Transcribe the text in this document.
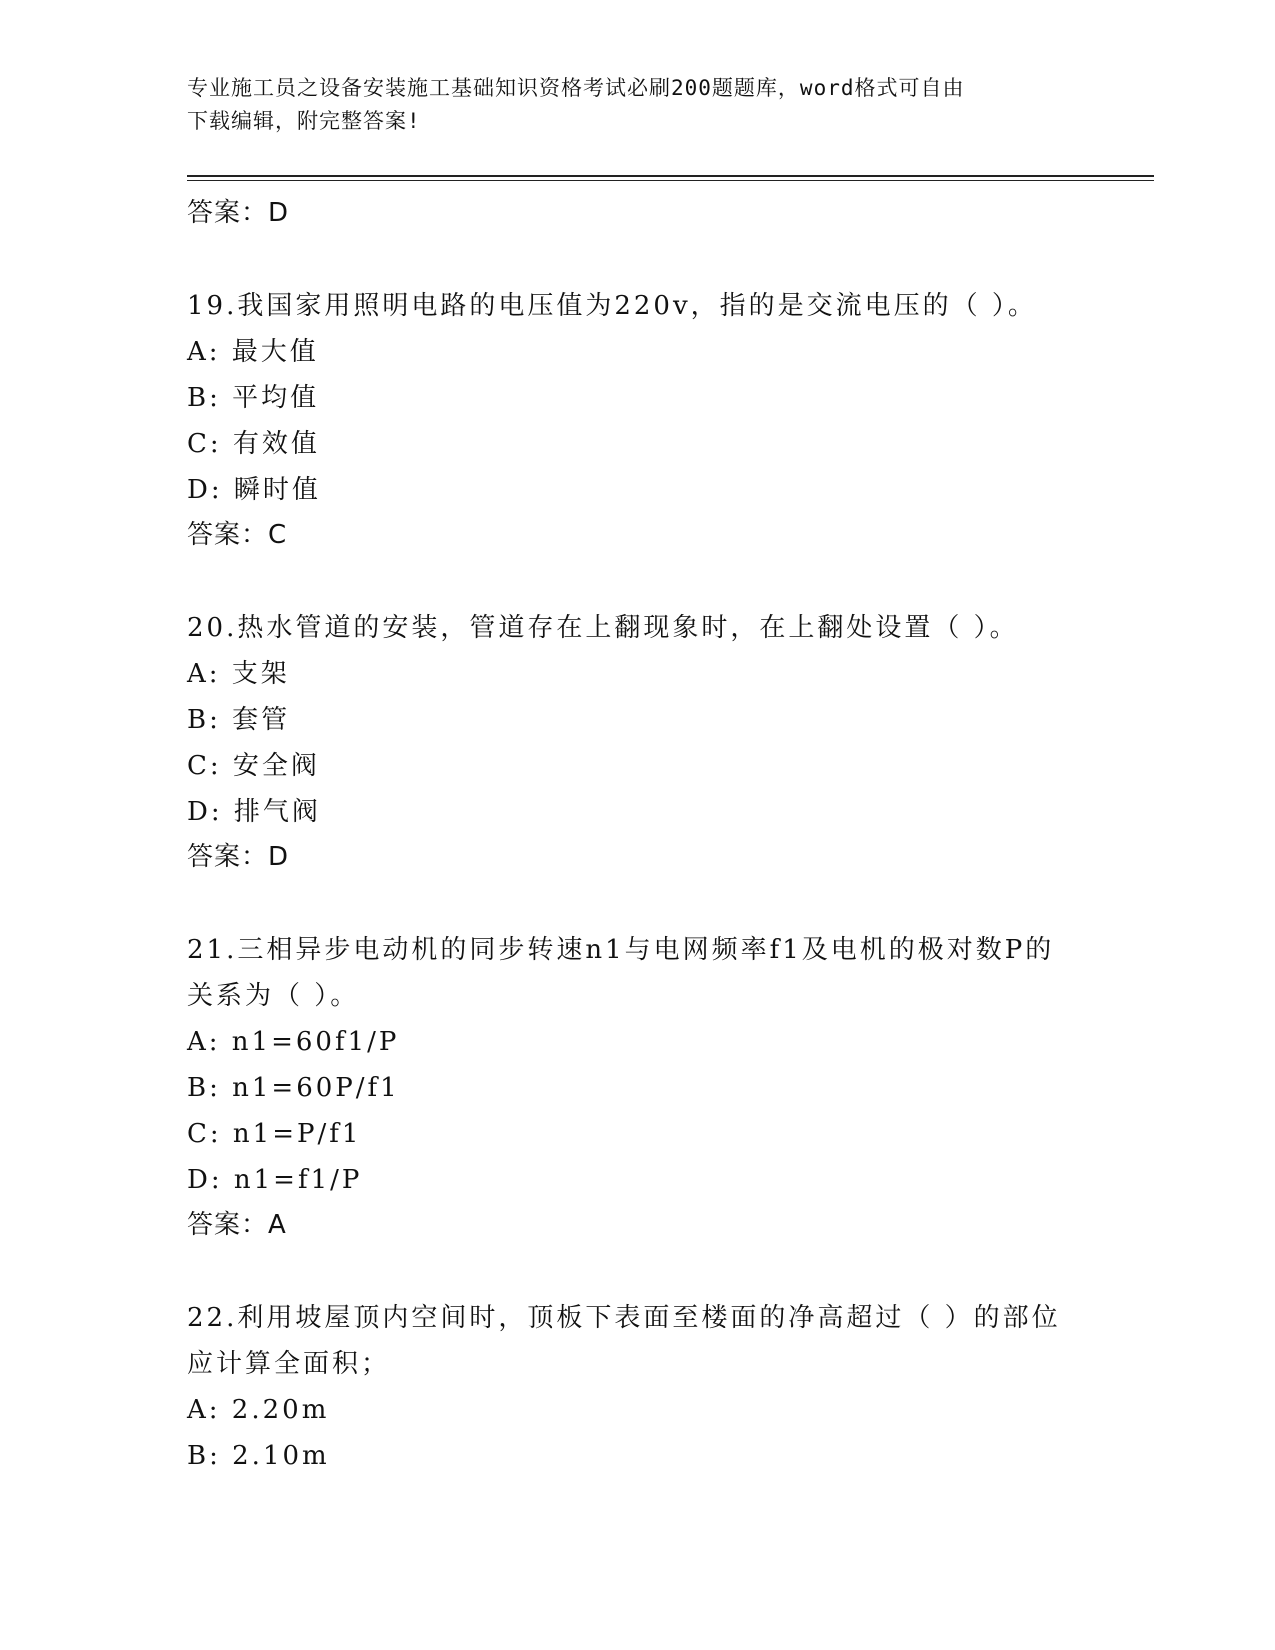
专业施工员之设备安装施工基础知识资格考试必刷200题题库，word格式可自由
下载编辑，附完整答案!

答案：D

19.我国家用照明电路的电压值为220v，指的是交流电压的（ ）。

A: 最大值

B: 平均值

C: 有效值

D: 瞬时值

答案：C

20.热水管道的安装，管道存在上翻现象时，在上翻处设置（ ）。

A: 支架

B: 套管

C: 安全阀

D: 排气阀

答案：D

21.三相异步电动机的同步转速n1与电网频率f1及电机的极对数P的关系为（ ）。

A: n1=60f1/P

B: n1=60P/f1

C: n1=P/f1

D: n1=f1/P

答案：A

22.利用坡屋顶内空间时，顶板下表面至楼面的净高超过（ ）的部位应计算全面积；

A: 2.20m

B: 2.10m
